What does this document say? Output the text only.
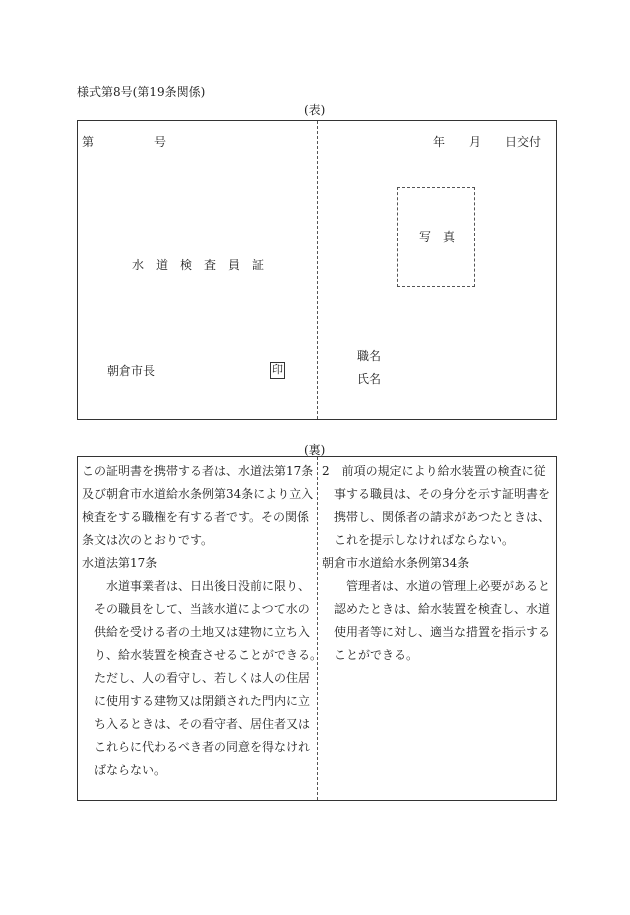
様式第8号(第19条関係)
(表)
第	号	年 月 日交付
水　道　検　査　員　証
写　真
朝倉市長	印
職名
氏名
(裏)
この証明書を携帯する者は、水道法第17条
及び朝倉市水道給水条例第34条により立入
検査をする職権を有する者です。その関係
条文は次のとおりです。
水道法第17条
　　水道事業者は、日出後日没前に限り、
　その職員をして、当該水道によつて水の
　供給を受ける者の土地又は建物に立ち入
　り、給水装置を検査させることができる。
　ただし、人の看守し、若しくは人の住居
　に使用する建物又は閉鎖された門内に立
　ち入るときは、その看守者、居住者又は
　これらに代わるべき者の同意を得なけれ
　ばならない。
2　前項の規定により給水装置の検査に従
　事する職員は、その身分を示す証明書を
　携帯し、関係者の請求があつたときは、
　これを提示しなければならない。
朝倉市水道給水条例第34条
　　管理者は、水道の管理上必要があると
　認めたときは、給水装置を検査し、水道
　使用者等に対し、適当な措置を指示する
　ことができる。
